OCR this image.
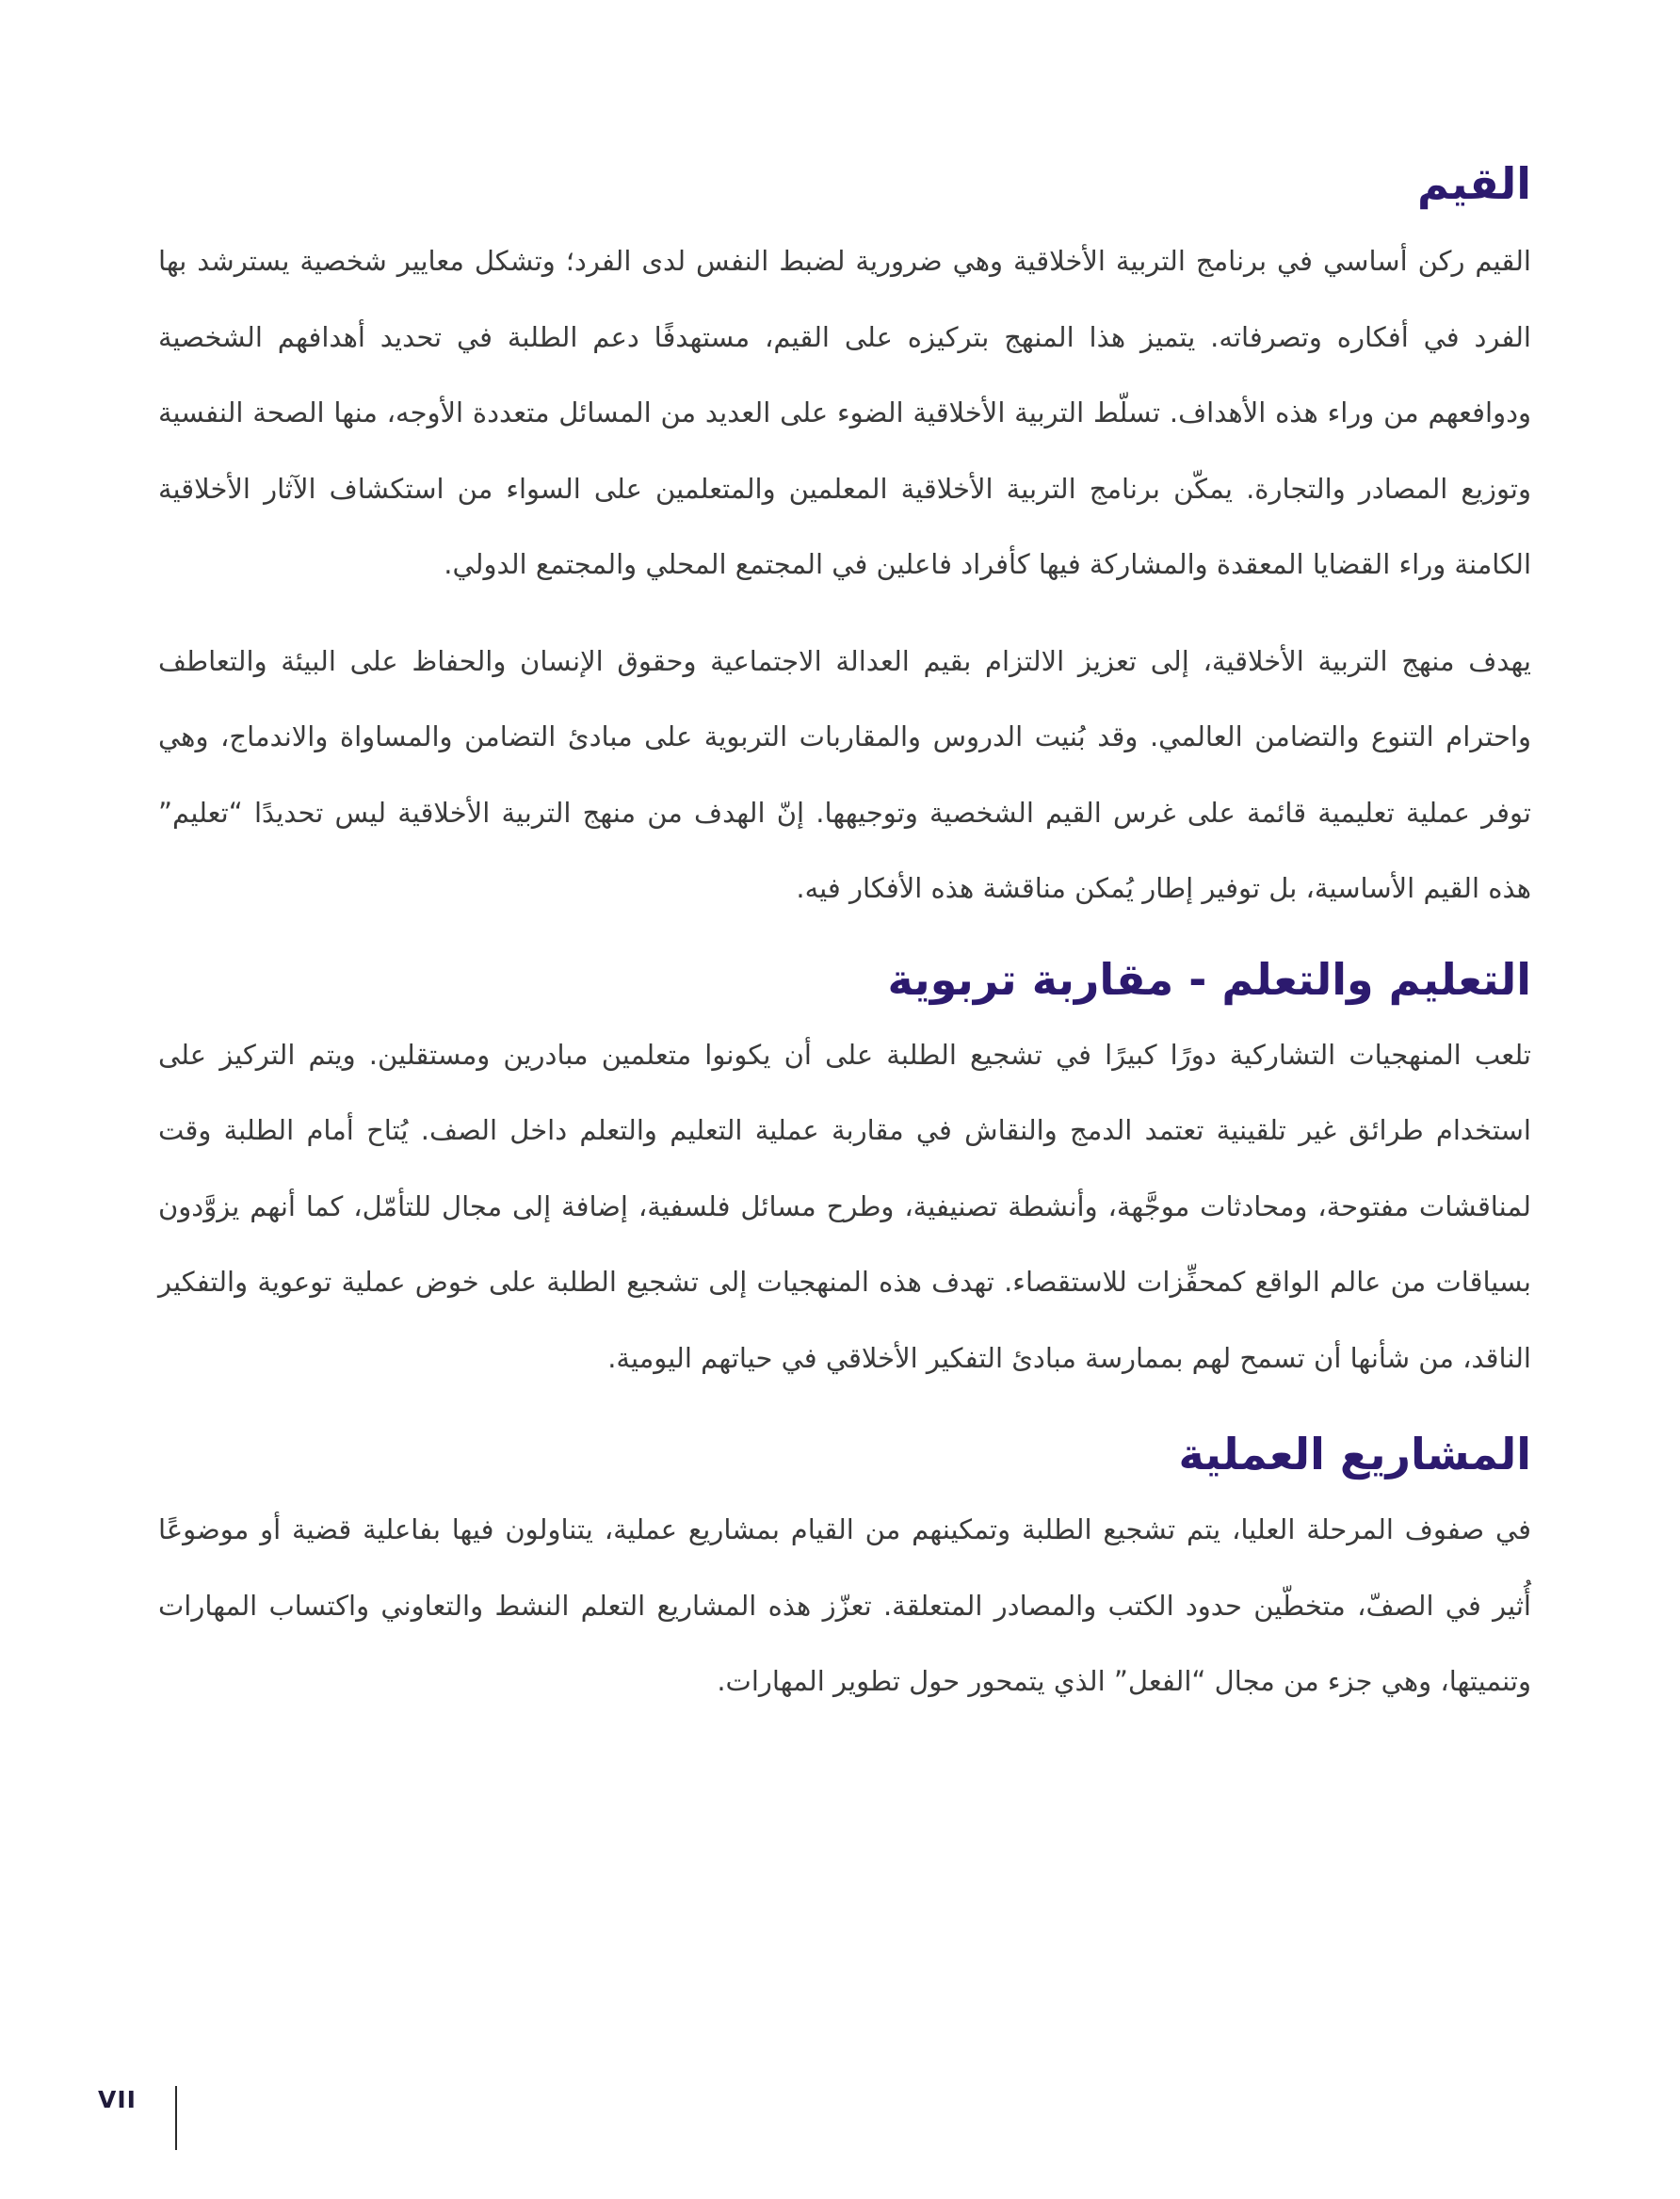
القيم

القيم ركن أساسي في برنامج التربية الأخلاقية وهي ضرورية لضبط النفس لدى الفرد؛ وتشكل معايير شخصية يسترشد بها الفرد في أفكاره وتصرفاته. يتميز هذا المنهج بتركيزه على القيم، مستهدفًا دعم الطلبة في تحديد أهدافهم الشخصية ودوافعهم من وراء هذه الأهداف. تسلّط التربية الأخلاقية الضوء على العديد من المسائل متعددة الأوجه، منها الصحة النفسية وتوزيع المصادر والتجارة. يمكّن برنامج التربية الأخلاقية المعلمين والمتعلمين على السواء من استكشاف الآثار الأخلاقية الكامنة وراء القضايا المعقدة والمشاركة فيها كأفراد فاعلين في المجتمع المحلي والمجتمع الدولي.

يهدف منهج التربية الأخلاقية، إلى تعزيز الالتزام بقيم العدالة الاجتماعية وحقوق الإنسان والحفاظ على البيئة والتعاطف واحترام التنوع والتضامن العالمي. وقد بُنيت الدروس والمقاربات التربوية على مبادئ التضامن والمساواة والاندماج، وهي توفر عملية تعليمية قائمة على غرس القيم الشخصية وتوجيهها. إنّ الهدف من منهج التربية الأخلاقية ليس تحديدًا “تعليم” هذه القيم الأساسية، بل توفير إطار يُمكن مناقشة هذه الأفكار فيه.

التعليم والتعلم - مقاربة تربوية

تلعب المنهجيات التشاركية دورًا كبيرًا في تشجيع الطلبة على أن يكونوا متعلمين مبادرين ومستقلين. ويتم التركيز على استخدام طرائق غير تلقينية تعتمد الدمج والنقاش في مقاربة عملية التعليم والتعلم داخل الصف. يُتاح أمام الطلبة وقت لمناقشات مفتوحة، ومحادثات موجَّهة، وأنشطة تصنيفية، وطرح مسائل فلسفية، إضافة إلى مجال للتأمّل، كما أنهم يزوَّدون بسياقات من عالم الواقع كمحفِّزات للاستقصاء. تهدف هذه المنهجيات إلى تشجيع الطلبة على خوض عملية توعوية والتفكير الناقد، من شأنها أن تسمح لهم بممارسة مبادئ التفكير الأخلاقي في حياتهم اليومية.

المشاريع العملية

في صفوف المرحلة العليا، يتم تشجيع الطلبة وتمكينهم من القيام بمشاريع عملية، يتناولون فيها بفاعلية قضية أو موضوعًا أُثير في الصفّ، متخطّين حدود الكتب والمصادر المتعلقة. تعزّز هذه المشاريع التعلم النشط والتعاوني واكتساب المهارات وتنميتها، وهي جزء من مجال “الفعل” الذي يتمحور حول تطوير المهارات.

VII
